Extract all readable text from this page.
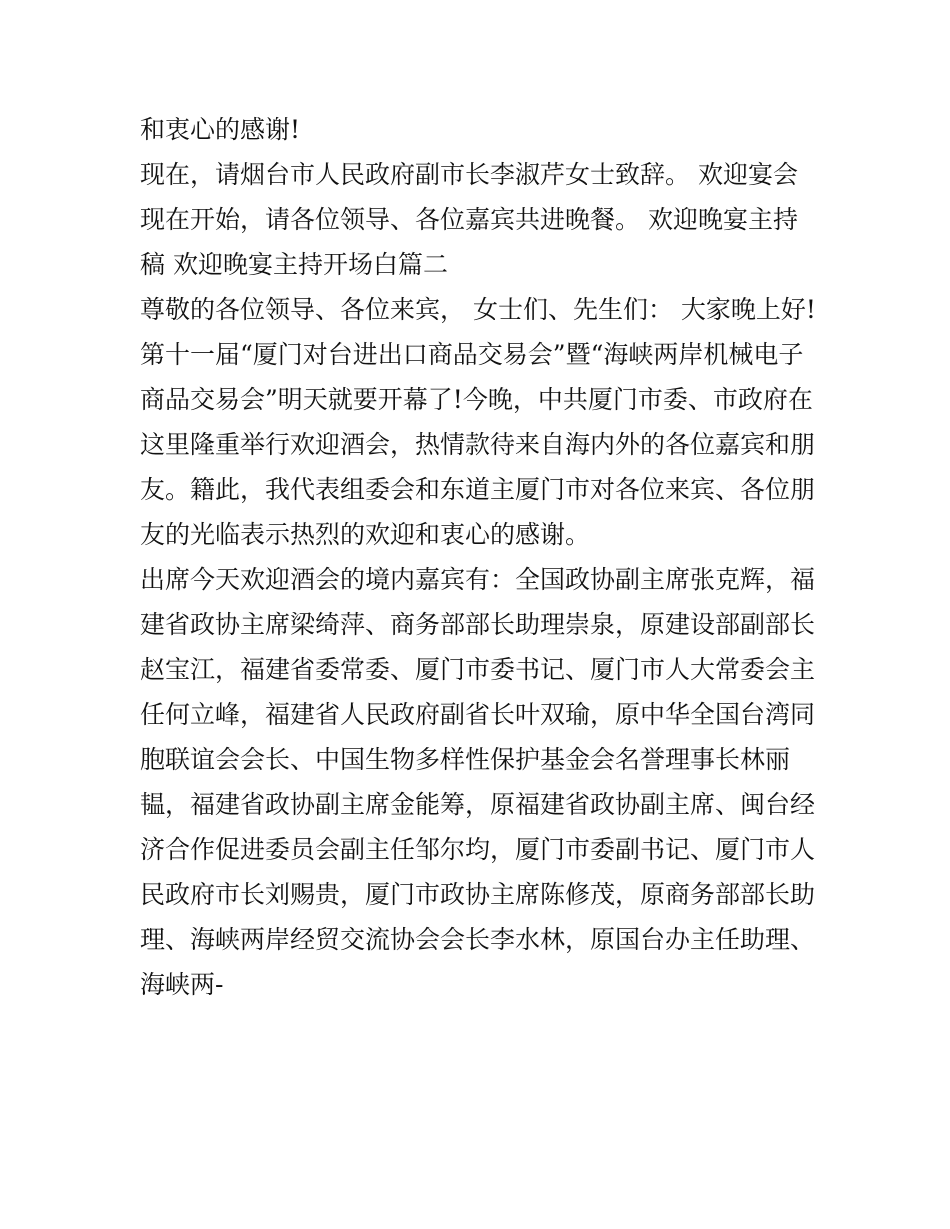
和衷心的感谢!
现在，请烟台市人民政府副市长李淑芹女士致辞。 欢迎宴会
现在开始，请各位领导、各位嘉宾共进晚餐。 欢迎晚宴主持
稿 欢迎晚宴主持开场白篇二
尊敬的各位领导、各位来宾， 女士们、先生们： 大家晚上好!
第十一届“厦门对台进出口商品交易会”暨“海峡两岸机械电子
商品交易会”明天就要开幕了!今晚，中共厦门市委、市政府在
这里隆重举行欢迎酒会，热情款待来自海内外的各位嘉宾和朋
友。籍此，我代表组委会和东道主厦门市对各位来宾、各位朋
友的光临表示热烈的欢迎和衷心的感谢。
出席今天欢迎酒会的境内嘉宾有：全国政协副主席张克辉，福
建省政协主席梁绮萍、商务部部长助理崇泉，原建设部副部长
赵宝江，福建省委常委、厦门市委书记、厦门市人大常委会主
任何立峰，福建省人民政府副省长叶双瑜，原中华全国台湾同
胞联谊会会长、中国生物多样性保护基金会名誉理事长林丽
韫，福建省政协副主席金能筹，原福建省政协副主席、闽台经
济合作促进委员会副主任邹尔均，厦门市委副书记、厦门市人
民政府市长刘赐贵，厦门市政协主席陈修茂，原商务部部长助
理、海峡两岸经贸交流协会会长李水林，原国台办主任助理、
海峡两-
